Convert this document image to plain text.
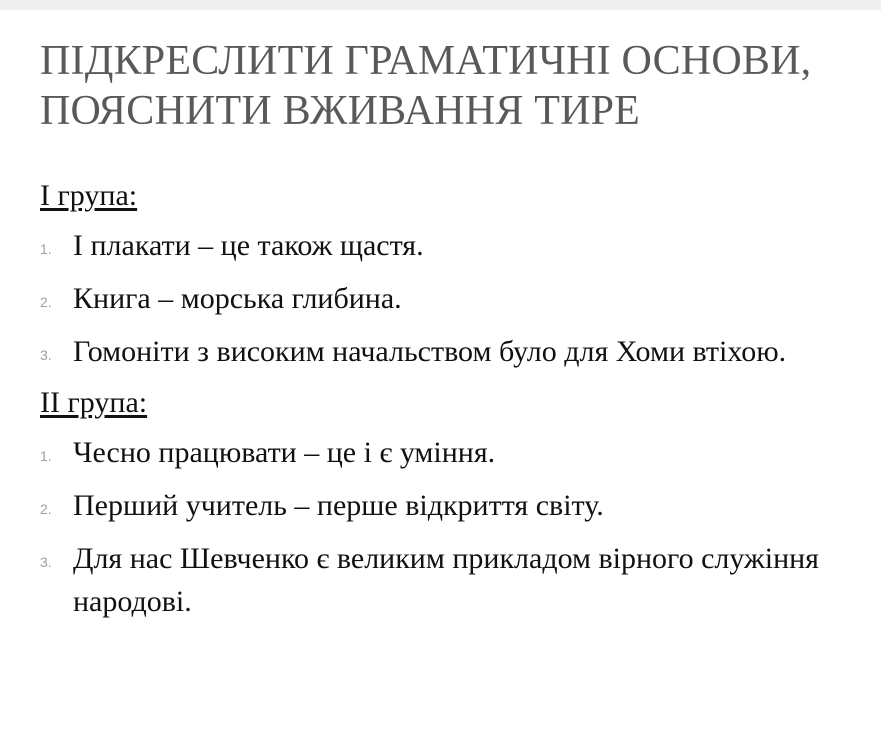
ПІДКРЕСЛИТИ ГРАМАТИЧНІ ОСНОВИ,
ПОЯСНИТИ ВЖИВАННЯ ТИРЕ
І група:
1. І плакати – це також щастя.
2. Книга – морська глибина.
3. Гомоніти з високим начальством було для Хоми втіхою.
ІІ група:
1. Чесно працювати – це і є уміння.
2. Перший учитель – перше відкриття світу.
3. Для нас Шевченко є великим прикладом вірного служіння народові.
